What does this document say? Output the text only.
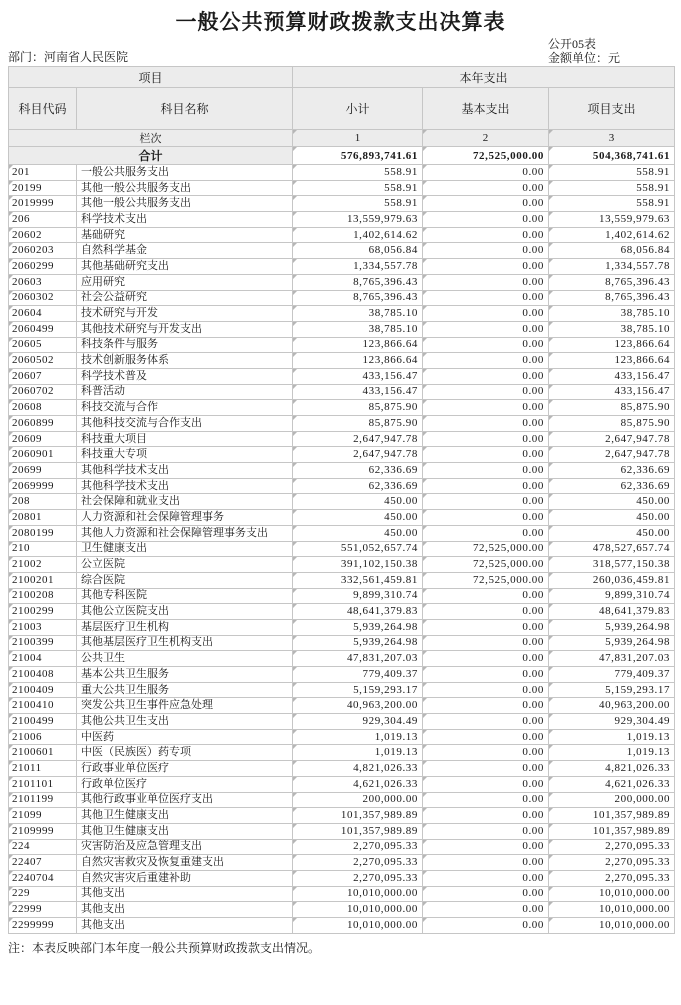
一般公共预算财政拨款支出决算表
部门：河南省人民医院
公开05表
金额单位：元
项目		本年支出		
科目代码	科目名称	小计	基本支出	项目支出
栏次		1	2	3
合计		576,893,741.61	72,525,000.00	504,368,741.61
201	一般公共服务支出	558.91	0.00	558.91
20199	其他一般公共服务支出	558.91	0.00	558.91
2019999	其他一般公共服务支出	558.91	0.00	558.91
206	科学技术支出	13,559,979.63	0.00	13,559,979.63
20602	基础研究	1,402,614.62	0.00	1,402,614.62
2060203	自然科学基金	68,056.84	0.00	68,056.84
2060299	其他基础研究支出	1,334,557.78	0.00	1,334,557.78
20603	应用研究	8,765,396.43	0.00	8,765,396.43
2060302	社会公益研究	8,765,396.43	0.00	8,765,396.43
20604	技术研究与开发	38,785.10	0.00	38,785.10
2060499	其他技术研究与开发支出	38,785.10	0.00	38,785.10
20605	科技条件与服务	123,866.64	0.00	123,866.64
2060502	技术创新服务体系	123,866.64	0.00	123,866.64
20607	科学技术普及	433,156.47	0.00	433,156.47
2060702	科普活动	433,156.47	0.00	433,156.47
20608	科技交流与合作	85,875.90	0.00	85,875.90
2060899	其他科技交流与合作支出	85,875.90	0.00	85,875.90
20609	科技重大项目	2,647,947.78	0.00	2,647,947.78
2060901	科技重大专项	2,647,947.78	0.00	2,647,947.78
20699	其他科学技术支出	62,336.69	0.00	62,336.69
2069999	其他科学技术支出	62,336.69	0.00	62,336.69
208	社会保障和就业支出	450.00	0.00	450.00
20801	人力资源和社会保障管理事务	450.00	0.00	450.00
2080199	其他人力资源和社会保障管理事务支出	450.00	0.00	450.00
210	卫生健康支出	551,052,657.74	72,525,000.00	478,527,657.74
21002	公立医院	391,102,150.38	72,525,000.00	318,577,150.38
2100201	综合医院	332,561,459.81	72,525,000.00	260,036,459.81
2100208	其他专科医院	9,899,310.74	0.00	9,899,310.74
2100299	其他公立医院支出	48,641,379.83	0.00	48,641,379.83
21003	基层医疗卫生机构	5,939,264.98	0.00	5,939,264.98
2100399	其他基层医疗卫生机构支出	5,939,264.98	0.00	5,939,264.98
21004	公共卫生	47,831,207.03	0.00	47,831,207.03
2100408	基本公共卫生服务	779,409.37	0.00	779,409.37
2100409	重大公共卫生服务	5,159,293.17	0.00	5,159,293.17
2100410	突发公共卫生事件应急处理	40,963,200.00	0.00	40,963,200.00
2100499	其他公共卫生支出	929,304.49	0.00	929,304.49
21006	中医药	1,019.13	0.00	1,019.13
2100601	中医（民族医）药专项	1,019.13	0.00	1,019.13
21011	行政事业单位医疗	4,821,026.33	0.00	4,821,026.33
2101101	行政单位医疗	4,621,026.33	0.00	4,621,026.33
2101199	其他行政事业单位医疗支出	200,000.00	0.00	200,000.00
21099	其他卫生健康支出	101,357,989.89	0.00	101,357,989.89
2109999	其他卫生健康支出	101,357,989.89	0.00	101,357,989.89
224	灾害防治及应急管理支出	2,270,095.33	0.00	2,270,095.33
22407	自然灾害救灾及恢复重建支出	2,270,095.33	0.00	2,270,095.33
2240704	自然灾害灾后重建补助	2,270,095.33	0.00	2,270,095.33
229	其他支出	10,010,000.00	0.00	10,010,000.00
22999	其他支出	10,010,000.00	0.00	10,010,000.00
2299999	其他支出	10,010,000.00	0.00	10,010,000.00
注：本表反映部门本年度一般公共预算财政拨款支出情况。
